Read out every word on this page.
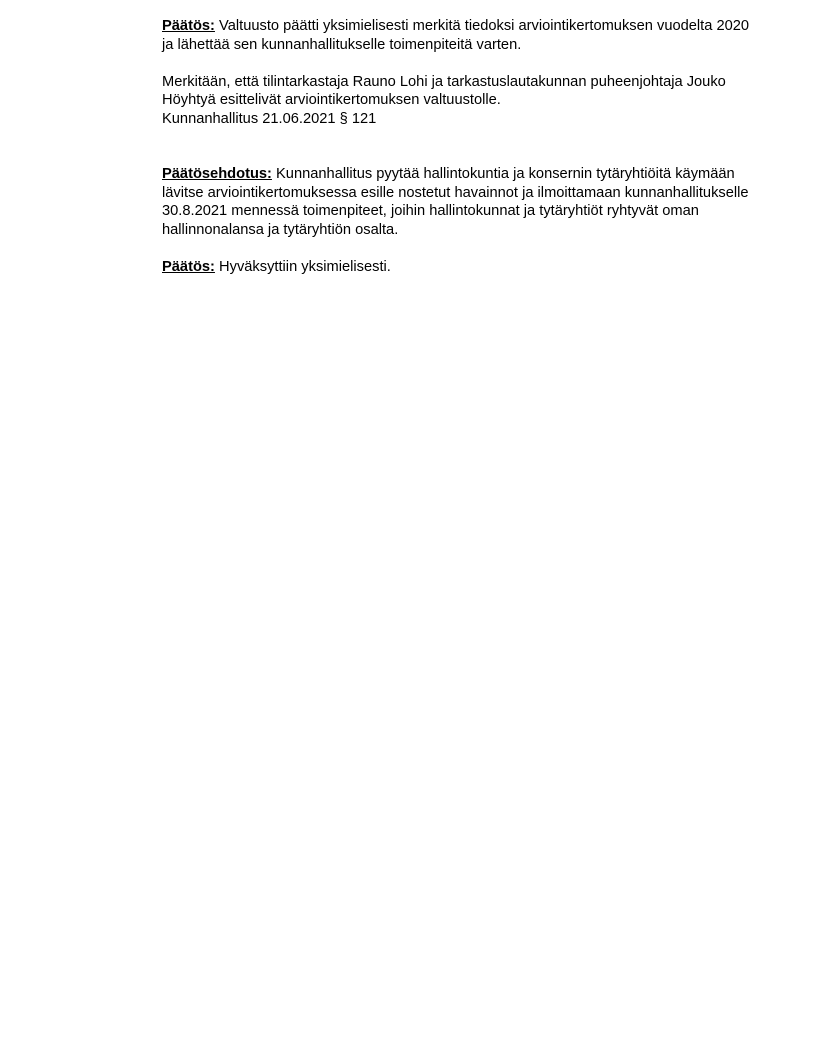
Päätös: Valtuusto päätti yksimielisesti merkitä tiedoksi arviointikertomuksen vuodelta 2020 ja lähettää sen kunnanhallitukselle toimenpiteitä varten.

Merkitään, että tilintarkastaja Rauno Lohi ja tarkastuslautakunnan puheenjohtaja Jouko Höyhtyä esittelivät arviointikertomuksen valtuustolle.

Kunnanhallitus 21.06.2021 § 121

Päätösehdotus: Kunnanhallitus pyytää hallintokuntia ja konsernin tytäryhtiöitä käymään lävitse arviointikertomuksessa esille nostetut havainnot ja ilmoittamaan kunnanhallitukselle 30.8.2021 mennessä toimenpiteet, joihin hallintokunnat ja tytäryhtiöt ryhtyvät oman hallinnonalansa ja tytäryhtiön osalta.

Päätös: Hyväksyttiin yksimielisesti.
